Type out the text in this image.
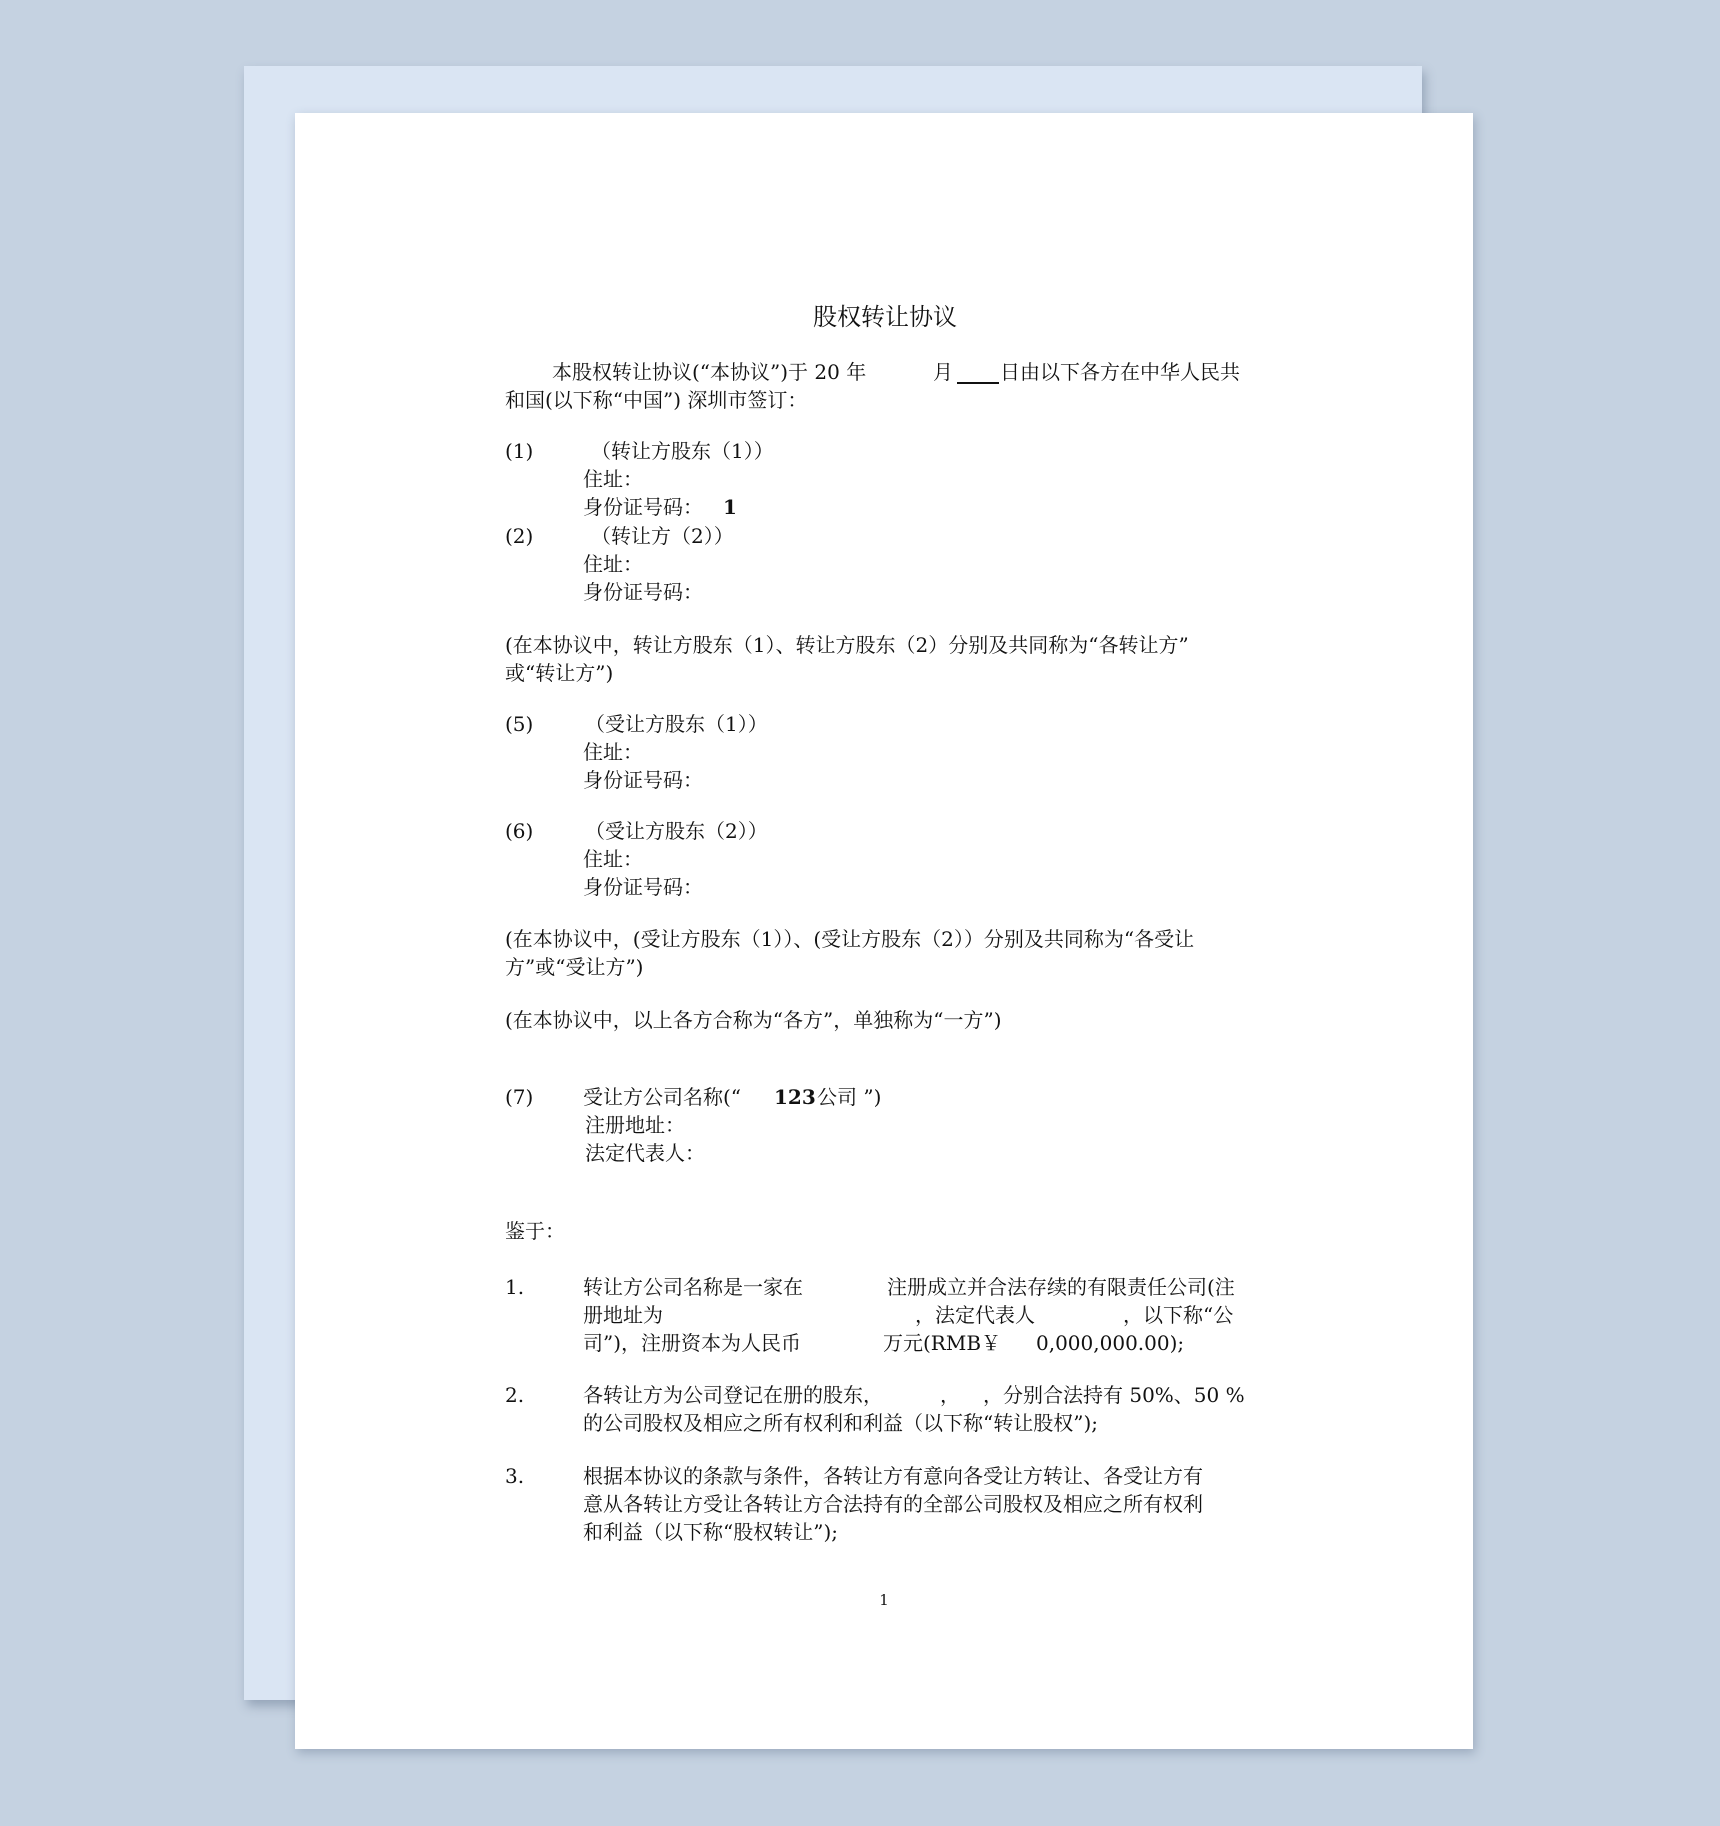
股权转让协议
本股权转让协议(“本协议”)于 20 年	月 日由以下各方在中华人民共
和国(以下称“中国”) 深圳市签订：
(1)	（转让方股东（1））
住址：
身份证号码： 1
(2)	（转让方（2））
住址：
身份证号码：
(在本协议中，转让方股东（1）、转让方股东（2）分别及共同称为“各转让方”
或“转让方”)
(5)	（受让方股东（1））
住址：
身份证号码：
(6)	（受让方股东（2））
住址：
身份证号码：
(在本协议中，(受让方股东（1））、(受让方股东（2））分别及共同称为“各受让
方”或“受让方”)
(在本协议中，以上各方合称为“各方”，单独称为“一方”)
(7) 受让方公司名称(“ 123 公司 ”)
注册地址：
法定代表人：
鉴于：
1.	转让方公司名称是一家在	注册成立并合法存续的有限责任公司(注
册地址为	，法定代表人	，以下称“公
司”)，注册资本为人民币	万元(RMB￥ 0,000,000.00);
2.	各转让方为公司登记在册的股东，	， ，分别合法持有 50%、50 %
的公司股权及相应之所有权利和利益（以下称“转让股权”);
3.	根据本协议的条款与条件，各转让方有意向各受让方转让、各受让方有
意从各转让方受让各转让方合法持有的全部公司股权及相应之所有权利
和利益（以下称“股权转让”);
1
